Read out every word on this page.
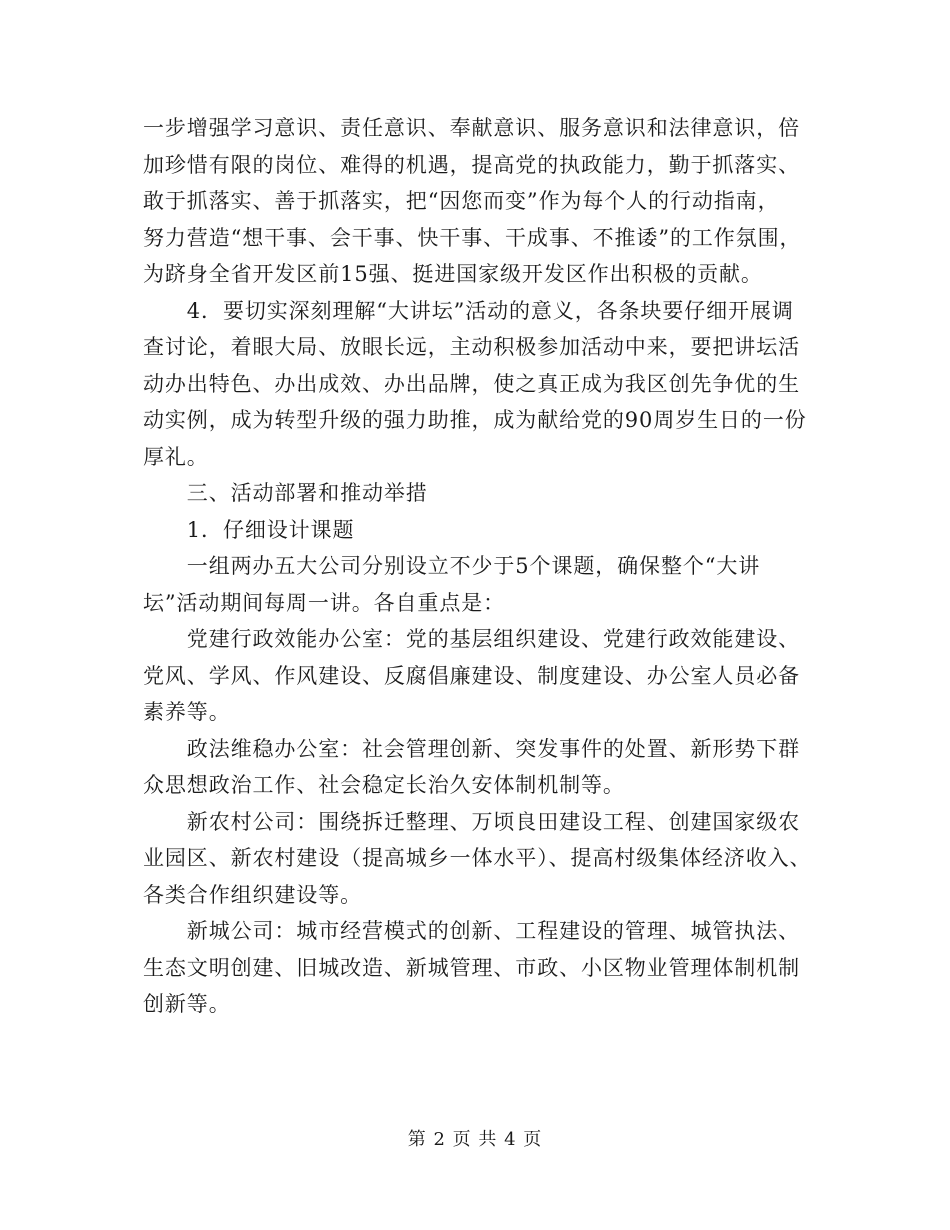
一步增强学习意识、责任意识、奉献意识、服务意识和法律意识，倍
加珍惜有限的岗位、难得的机遇，提高党的执政能力，勤于抓落实、
敢于抓落实、善于抓落实，把“因您而变”作为每个人的行动指南，
努力营造“想干事、会干事、快干事、干成事、不推诿”的工作氛围，
为跻身全省开发区前15强、挺进国家级开发区作出积极的贡献。

　　4．要切实深刻理解“大讲坛”活动的意义，各条块要仔细开展调
查讨论，着眼大局、放眼长远，主动积极参加活动中来，要把讲坛活
动办出特色、办出成效、办出品牌，使之真正成为我区创先争优的生
动实例，成为转型升级的强力助推，成为献给党的90周岁生日的一份
厚礼。

　　三、活动部署和推动举措

　　1．仔细设计课题

　　一组两办五大公司分别设立不少于5个课题，确保整个“大讲
坛”活动期间每周一讲。各自重点是：

　　党建行政效能办公室：党的基层组织建设、党建行政效能建设、
党风、学风、作风建设、反腐倡廉建设、制度建设、办公室人员必备
素养等。

　　政法维稳办公室：社会管理创新、突发事件的处置、新形势下群
众思想政治工作、社会稳定长治久安体制机制等。

　　新农村公司：围绕拆迁整理、万顷良田建设工程、创建国家级农
业园区、新农村建设（提高城乡一体水平）、提高村级集体经济收入、
各类合作组织建设等。

　　新城公司：城市经营模式的创新、工程建设的管理、城管执法、
生态文明创建、旧城改造、新城管理、市政、小区物业管理体制机制
创新等。

第 2 页 共 4 页
